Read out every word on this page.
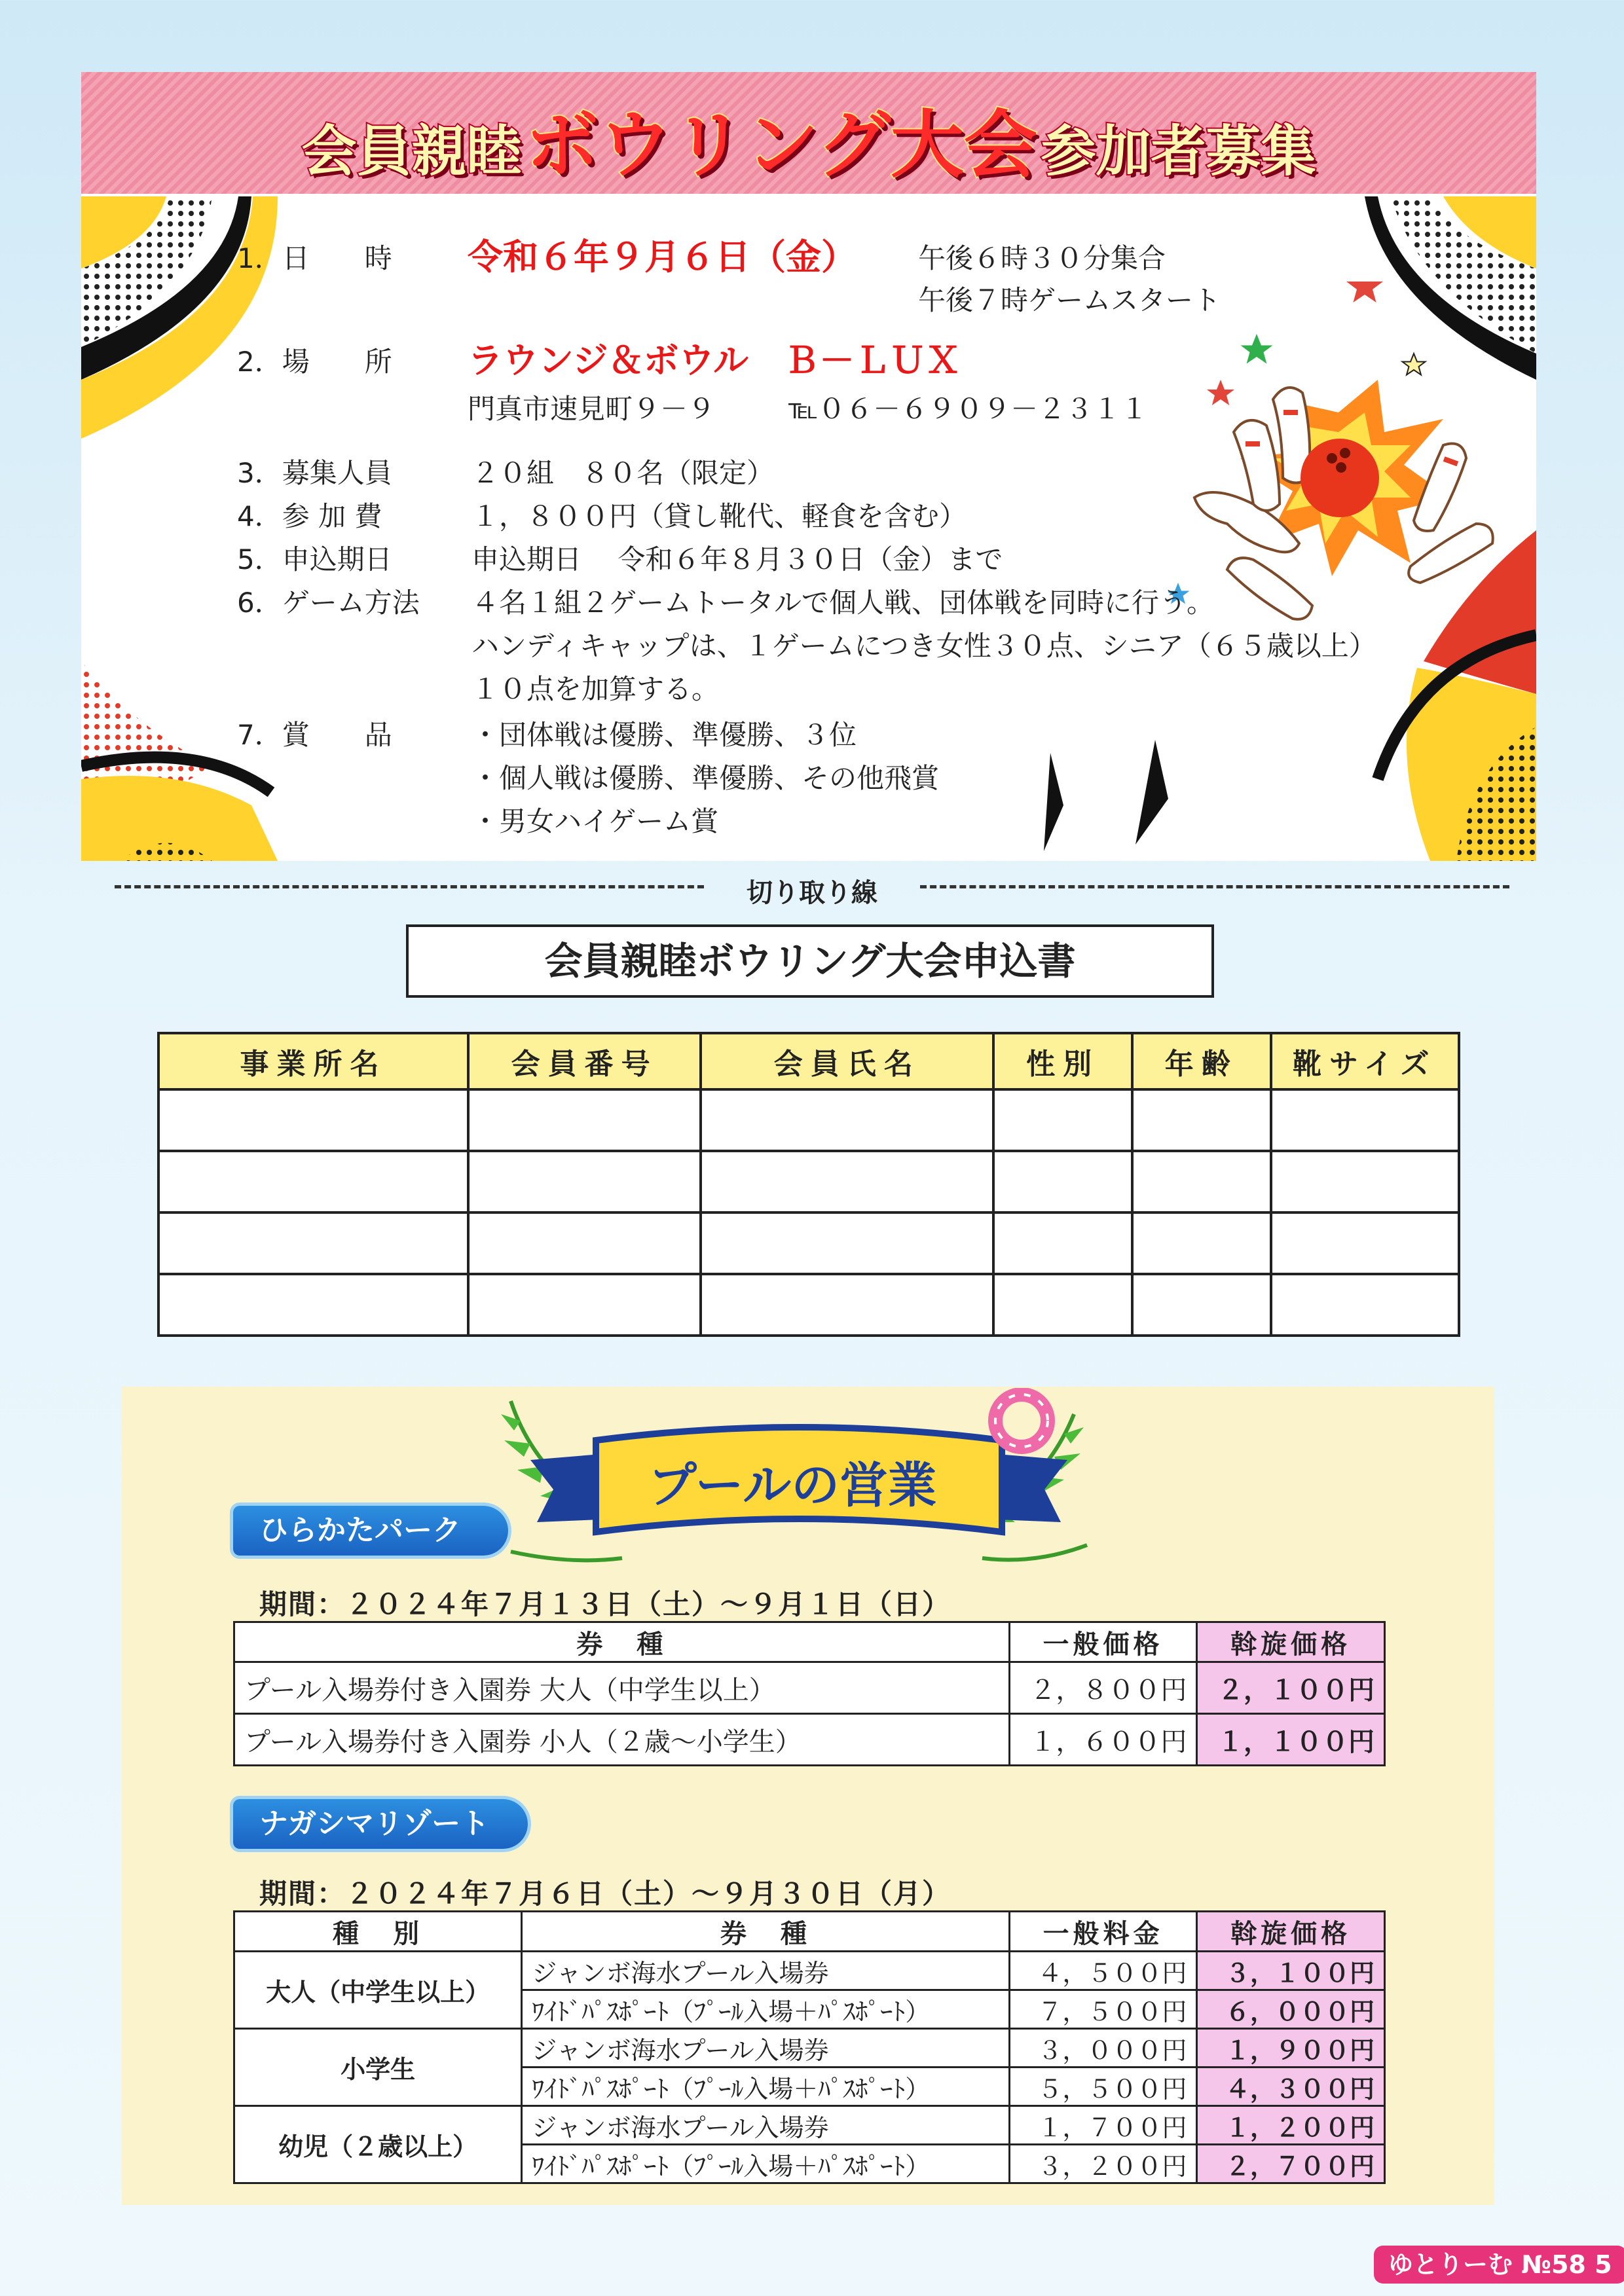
会員親睦 ボウリング大会 参加者募集
1．日　　時 令和６年９月６日（金） 午後６時３０分集合
午後７時ゲームスタート
2．場　　所 ラウンジ＆ボウル　Ｂ－ＬＵＸ
門真市速見町９－９	℡０６－６９０９－２３１１
3．募集人員	２０組　８０名（限定）
4．参 加 費	１，８００円（貸し靴代、軽食を含む）
5．申込期日	申込期日　 令和６年８月３０日（金）まで
6．ゲーム方法 ４名１組２ゲームトータルで個人戦、団体戦を同時に行う。
ハンディキャップは、１ゲームにつき女性３０点、シニア（６５歳以上）
１０点を加算する。
7．賞　　品	・団体戦は優勝、準優勝、３位
・個人戦は優勝、準優勝、その他飛賞
・男女ハイゲーム賞
切り取り線
会員親睦ボウリング大会申込書
事業所名	会員番号	会員氏名	性別	年齢	靴サイズ

プールの営業
ひらかたパーク
期間：２０２４年７月１３日（土）～９月１日（日）
券　種	一般価格	斡旋価格
プール入場券付き入園券 大人（中学生以上）	２，８００円	２，１００円
プール入場券付き入園券 小人（２歳～小学生）	１，６００円	１，１００円
ナガシマリゾート
期間：２０２４年７月６日（土）～９月３０日（月）
種　別	券　種	一般料金	斡旋価格
大人（中学生以上）	ジャンボ海水プール入場券	４，５００円	３，１００円
	ﾜｲﾄﾞﾊﾟｽﾎﾟｰﾄ（ﾌﾟｰﾙ入場＋ﾊﾟｽﾎﾟｰﾄ）	７，５００円	６，０００円
小学生	ジャンボ海水プール入場券	３，０００円	１，９００円
	ﾜｲﾄﾞﾊﾟｽﾎﾟｰﾄ（ﾌﾟｰﾙ入場＋ﾊﾟｽﾎﾟｰﾄ）	５，５００円	４，３００円
幼児（２歳以上）	ジャンボ海水プール入場券	１，７００円	１，２００円
	ﾜｲﾄﾞﾊﾟｽﾎﾟｰﾄ（ﾌﾟｰﾙ入場＋ﾊﾟｽﾎﾟｰﾄ）	３，２００円	２，７００円
ゆとりーむ №58 5
